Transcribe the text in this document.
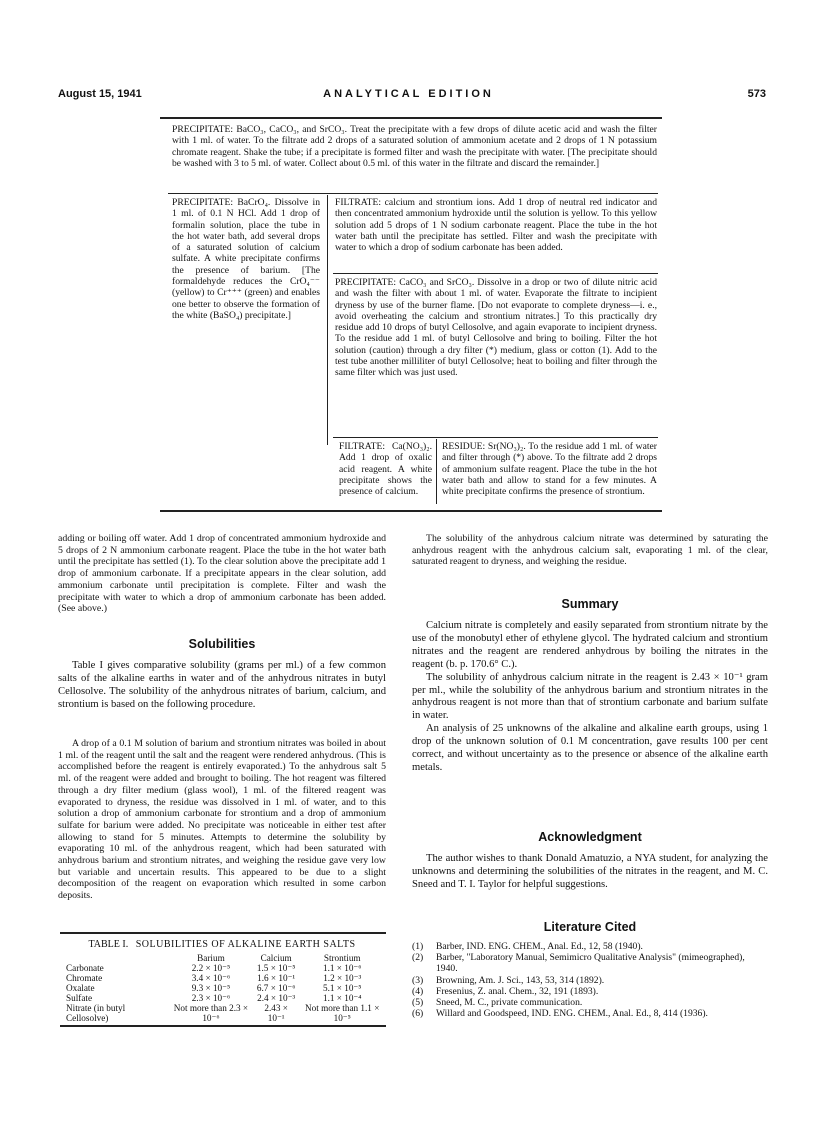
August 15, 1941	ANALYTICAL EDITION	573
PRECIPITATE: BaCO₃, CaCO₃, and SrCO₃. Treat the precipitate with a few drops of dilute acetic acid and wash the filter with 1 ml. of water. To the filtrate add 2 drops of a saturated solution of ammonium acetate and 2 drops of 1 N potassium chromate reagent. Shake the tube; if a precipitate is formed filter and wash the precipitate with water. [The precipitate should be washed with 3 to 5 ml. of water. Collect about 0.5 ml. of this water in the filtrate and discard the remainder.]
PRECIPITATE: BaCrO₄. Dissolve in 1 ml. of 0.1 N HCl. Add 1 drop of formalin solution, place the tube in the hot water bath, add several drops of a saturated solution of calcium sulfate. A white precipitate confirms the presence of barium. [The formaldehyde reduces the CrO₄⁻⁻ (yellow) to Cr⁺⁺⁺ (green) and enables one better to observe the formation of the white (BaSO₄) precipitate.]
FILTRATE: calcium and strontium ions. Add 1 drop of neutral red indicator and then concentrated ammonium hydroxide until the solution is yellow. To this yellow solution add 5 drops of 1 N sodium carbonate reagent. Place the tube in the hot water bath until the precipitate has settled. Filter and wash the precipitate with water to which a drop of sodium carbonate has been added.
PRECIPITATE: CaCO₃ and SrCO₃. Dissolve in a drop or two of dilute nitric acid and wash the filter with about 1 ml. of water. Evaporate the filtrate to incipient dryness by use of the burner flame. [Do not evaporate to complete dryness—i. e., avoid overheating the calcium and strontium nitrates.] To this practically dry residue add 10 drops of butyl Cellosolve, and again evaporate to incipient dryness. To the residue add 1 ml. of butyl Cellosolve and bring to boiling. Filter the hot solution (caution) through a dry filter (*) medium, glass or cotton (1). Add to the test tube another milliliter of butyl Cellosolve; heat to boiling and filter through the same filter which was just used.
FILTRATE: Ca(NO₃)₂. Add 1 drop of oxalic acid reagent. A white precipitate shows the presence of calcium.
RESIDUE: Sr(NO₃)₂. To the residue add 1 ml. of water and filter through (*) above. To the filtrate add 2 drops of ammonium sulfate reagent. Place the tube in the hot water bath and allow to stand for a few minutes. A white precipitate confirms the presence of strontium.

adding or boiling off water. Add 1 drop of concentrated ammonium hydroxide and 5 drops of 2 N ammonium carbonate reagent. Place the tube in the hot water bath until the precipitate has settled (1). To the clear solution above the precipitate add 1 drop of ammonium carbonate. If a precipitate appears in the clear solution, add ammonium carbonate until precipitation is complete. Filter and wash the precipitate with water to which a drop of ammonium carbonate has been added. (See above.)

Solubilities

Table I gives comparative solubility (grams per ml.) of a few common salts of the alkaline earths in water and of the anhydrous nitrates in butyl Cellosolve. The solubility of the anhydrous nitrates of barium, calcium, and strontium is based on the following procedure.

A drop of a 0.1 M solution of barium and strontium nitrates was boiled in about 1 ml. of the reagent until the salt and the reagent were rendered anhydrous. (This is accomplished before the reagent is entirely evaporated.) To the anhydrous salt 5 ml. of the reagent were added and brought to boiling. The hot reagent was filtered through a dry filter medium (glass wool), 1 ml. of the filtered reagent was evaporated to dryness, the residue was dissolved in 1 ml. of water, and to this solution a drop of ammonium carbonate for strontium and a drop of ammonium sulfate for barium were added. No precipitate was noticeable in either test after allowing to stand for 5 minutes. Attempts to determine the solubility by evaporating 10 ml. of the anhydrous reagent, which had been saturated with anhydrous barium and strontium nitrates, and weighing the residue gave very low but variable and uncertain results. This appeared to be due to a slight decomposition of the reagent on evaporation which resulted in some carbon deposits.

TABLE I. SOLUBILITIES OF ALKALINE EARTH SALTS
	Barium	Calcium	Strontium
Carbonate	2.2 × 10⁻⁵	1.5 × 10⁻⁵	1.1 × 10⁻⁶
Chromate	3.4 × 10⁻⁶	1.6 × 10⁻¹	1.2 × 10⁻³
Oxalate	9.3 × 10⁻⁵	6.7 × 10⁻⁶	5.1 × 10⁻⁵
Sulfate	2.3 × 10⁻⁶	2.4 × 10⁻³	1.1 × 10⁻⁴
Nitrate (in butyl Cellosolve)	Not more than 2.3 × 10⁻⁶	2.43 × 10⁻¹	Not more than 1.1 × 10⁻⁵

The solubility of the anhydrous calcium nitrate was determined by saturating the anhydrous reagent with the anhydrous calcium salt, evaporating 1 ml. of the clear, saturated reagent to dryness, and weighing the residue.

Summary

Calcium nitrate is completely and easily separated from strontium nitrate by the use of the monobutyl ether of ethylene glycol. The hydrated calcium and strontium nitrates and the reagent are rendered anhydrous by boiling the nitrates in the reagent (b. p. 170.6° C.).

The solubility of anhydrous calcium nitrate in the reagent is 2.43 × 10⁻¹ gram per ml., while the solubility of the anhydrous barium and strontium nitrates in the anhydrous reagent is not more than that of strontium carbonate and barium sulfate in water.

An analysis of 25 unknowns of the alkaline and alkaline earth groups, using 1 drop of the unknown solution of 0.1 M concentration, gave results 100 per cent correct, and without uncertainty as to the presence or absence of the alkaline earth metals.

Acknowledgment

The author wishes to thank Donald Amatuzio, a NYA student, for analyzing the unknowns and determining the solubilities of the nitrates in the reagent, and M. C. Sneed and T. I. Taylor for helpful suggestions.

Literature Cited

(1) Barber, IND. ENG. CHEM., Anal. Ed., 12, 58 (1940).

(2) Barber, "Laboratory Manual, Semimicro Qualitative Analysis" (mimeographed), 1940.

(3) Browning, Am. J. Sci., 143, 53, 314 (1892).

(4) Fresenius, Z. anal. Chem., 32, 191 (1893).

(5) Sneed, M. C., private communication.

(6) Willard and Goodspeed, IND. ENG. CHEM., Anal. Ed., 8, 414 (1936).
